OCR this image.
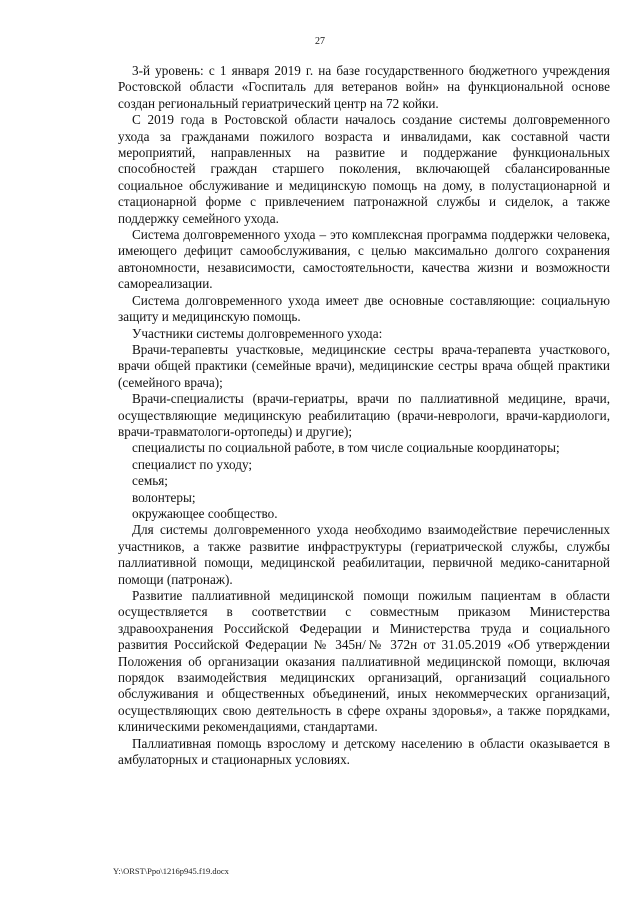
27

3-й уровень: с 1 января 2019 г. на базе государственного бюджетного учреждения Ростовской области «Госпиталь для ветеранов войн» на функциональной основе создан региональный гериатрический центр на 72 койки.

С 2019 года в Ростовской области началось создание системы долговременного ухода за гражданами пожилого возраста и инвалидами, как составной части мероприятий, направленных на развитие и поддержание функциональных способностей граждан старшего поколения, включающей сбалансированные социальное обслуживание и медицинскую помощь на дому, в полустационарной и стационарной форме с привлечением патронажной службы и сиделок, а также поддержку семейного ухода.

Система долговременного ухода – это комплексная программа поддержки человека, имеющего дефицит самообслуживания, с целью максимально долгого сохранения автономности, независимости, самостоятельности, качества жизни и возможности самореализации.

Система долговременного ухода имеет две основные составляющие: социальную защиту и медицинскую помощь.

Участники системы долговременного ухода:

Врачи-терапевты участковые, медицинские сестры врача-терапевта участкового, врачи общей практики (семейные врачи), медицинские сестры врача общей практики (семейного врача);

Врачи-специалисты (врачи-гериатры, врачи по паллиативной медицине, врачи, осуществляющие медицинскую реабилитацию (врачи-неврологи, врачи-кардиологи, врачи-травматологи-ортопеды) и другие);

специалисты по социальной работе, в том числе социальные координаторы;

специалист по уходу;

семья;

волонтеры;

окружающее сообщество.

Для системы долговременного ухода необходимо взаимодействие перечисленных участников, а также развитие инфраструктуры (гериатрической службы, службы паллиативной помощи, медицинской реабилитации, первичной медико-санитарной помощи (патронаж).

Развитие паллиативной медицинской помощи пожилым пациентам в области осуществляется в соответствии с совместным приказом Министерства здравоохранения Российской Федерации и Министерства труда и социального развития Российской Федерации № 345н/№ 372н от 31.05.2019 «Об утверждении Положения об организации оказания паллиативной медицинской помощи, включая порядок взаимодействия медицинских организаций, организаций социального обслуживания и общественных объединений, иных некоммерческих организаций, осуществляющих свою деятельность в сфере охраны здоровья», а также порядками, клиническими рекомендациями, стандартами.

Паллиативная помощь взрослому и детскому населению в области оказывается в амбулаторных и стационарных условиях.

Y:\ORST\Ppo\1216p945.f19.docx
